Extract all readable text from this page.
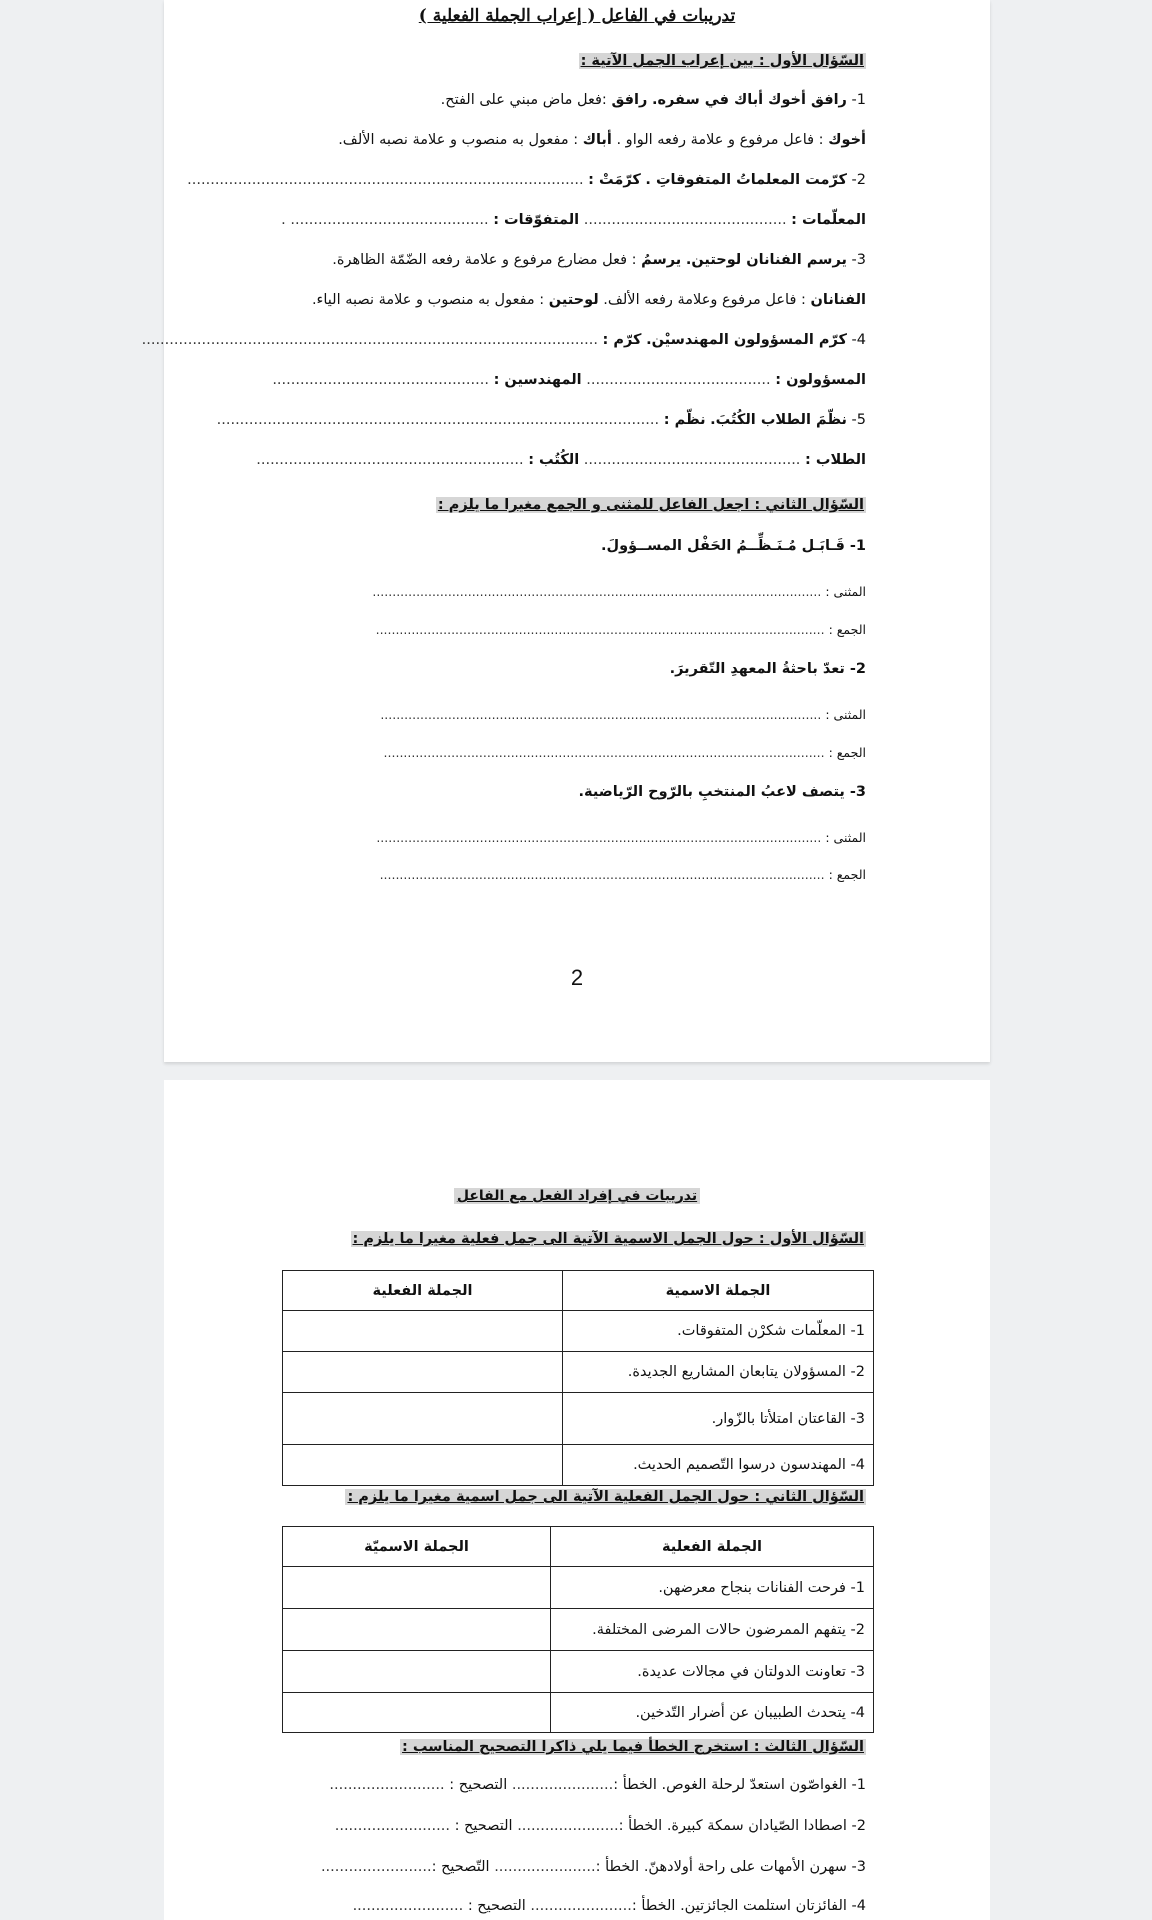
تدريبات في الفاعل ( إعراب الجملة الفعلية )
السّؤال الأول : بين إعراب الجمل الآتية :
1- رافق أخوك أباك في سفره. رافق :فعل ماض مبني على الفتح.
أخوك : فاعل مرفوع و علامة رفعه الواو . أباك : مفعول به منصوب و علامة نصبه الألف.
2- كرّمت المعلماتُ المتفوقاتِ . كرّمَتْ : ......................................................................................
المعلّمات : ............................................ المتفوّقات : ........................................... .
3- يرسم الفنانان لوحتين. يرسمُ : فعل مضارع مرفوع و علامة رفعه الضّمّة الظاهرة.
الفنانان : فاعل مرفوع وعلامة رفعه الألف. لوحتين : مفعول به منصوب و علامة نصبه الياء.
4- كرّم المسؤولون المهندسيْن. كرّم : ...................................................................................................
المسؤولون : ........................................ المهندسين : ...............................................
5- نظّمَ الطلاب الكُتُبَ. نظّم : ................................................................................................
الطلاب : ............................................... الكُتُب : ..........................................................
السّؤال الثاني : اجعل الفاعل للمثنى و الجمع مغيرا ما يلزم :
1- قَـابَـل مُـنَـظِّــمُ الحَفْل المســؤولَ.
المثنى : .................................................................................................................
الجمع : .................................................................................................................
2- تعدّ باحثةُ المعهدِ التّقريرَ.
المثنى : ...............................................................................................................
الجمع : ...............................................................................................................
3- يتصف لاعبُ المنتخبِ بالرّوح الرّياضية.
المثنى : ................................................................................................................
الجمع : ................................................................................................................
2
تدريبات في إفراد الفعل مع الفاعل
السّؤال الأول : حول الجمل الاسمية الآتية الى جمل فعلية مغيرا ما يلزم :
الجملة الاسمية	الجملة الفعلية
1- المعلّمات شكرْن المتفوقات.	
2- المسؤولان يتابعان المشاريع الجديدة.	
3- القاعتان امتلأتا بالزّوار.	
4- المهندسون درسوا التّصميم الحديث.	
السّؤال الثاني : حول الجمل الفعلية الآتية الى جمل اسمية مغيرا ما يلزم :
الجملة الفعلية	الجملة الاسميّة
1- فرحت الفنانات بنجاح معرضهن.	
2- يتفهم الممرضون حالات المرضى المختلفة.	
3- تعاونت الدولتان في مجالات عديدة.	
4- يتحدث الطبيبان عن أضرار التّدخين.	
السّؤال الثالث : استخرج الخطأ فيما يلي ذاكرا التصحيح المناسب :
1- الغواصّون استعدّ لرحلة الغوص. الخطأ :...................... التصحيح : .........................
2- اصطادا الصّيادان سمكة كبيرة. الخطأ :...................... التصحيح : .........................
3- سهرن الأمهات على راحة أولادهنّ. الخطأ :...................... التّصحيح :........................
4- الفائزتان استلمت الجائزتين. الخطأ :...................... التصحيح : ........................
